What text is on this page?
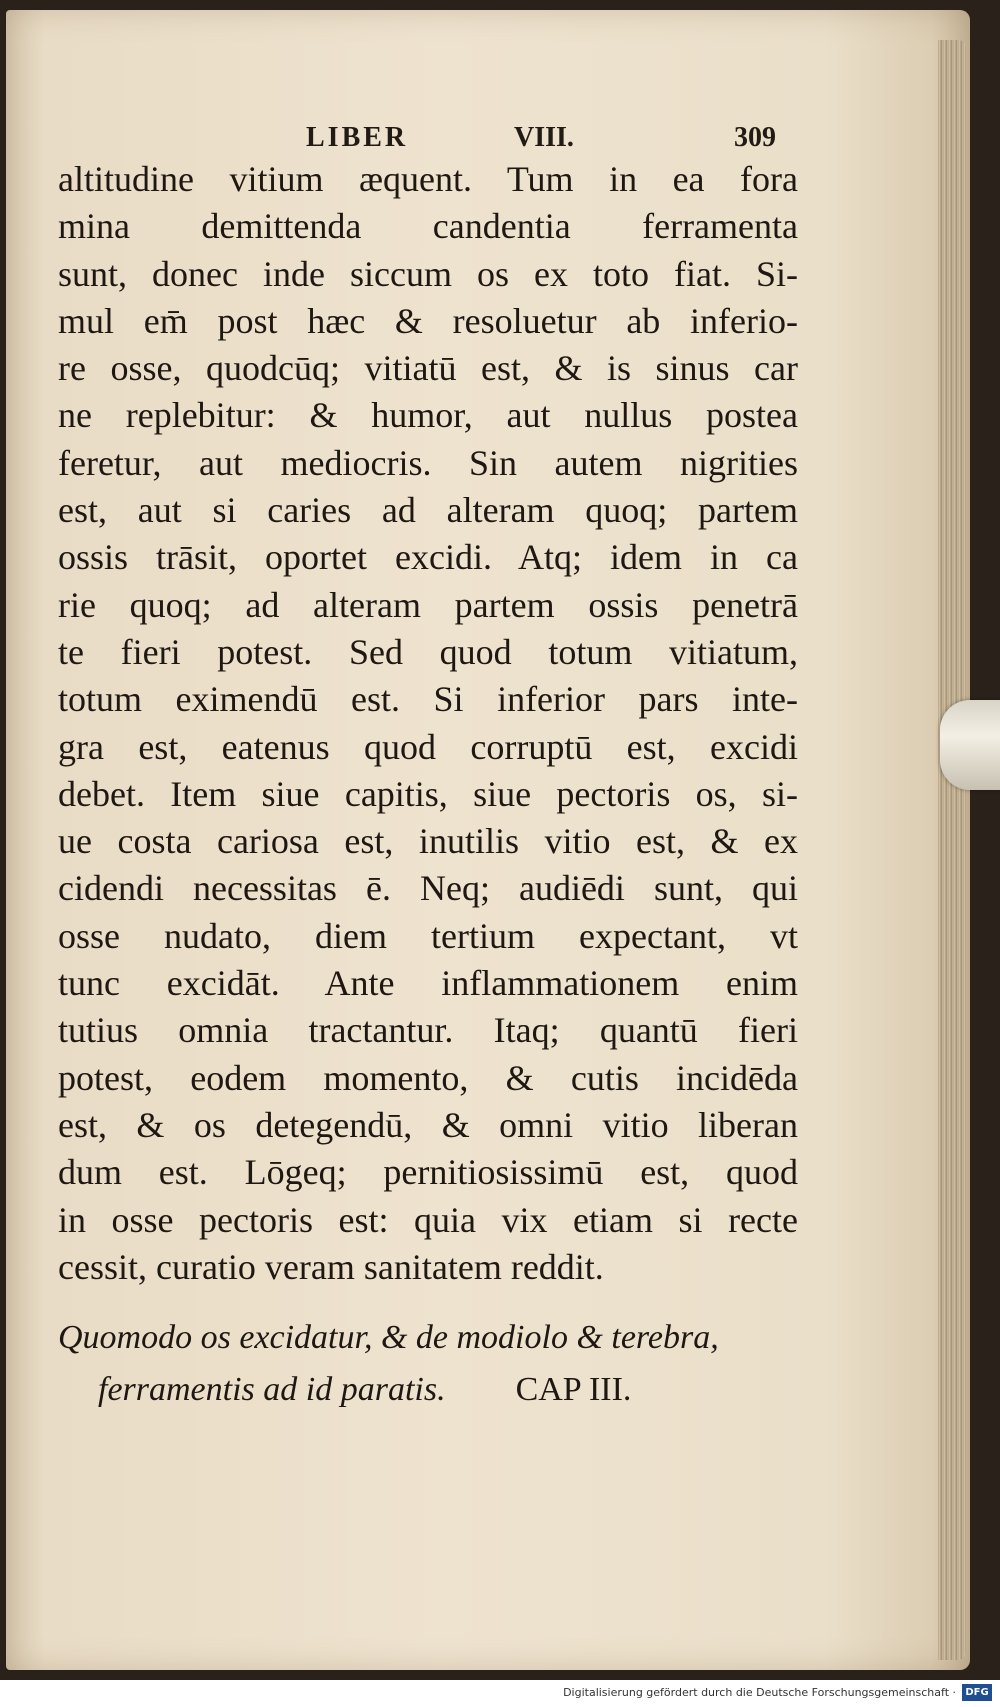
LIBER	VIII.	309
altitudine vitium æquent. Tum in ea fora
mina demittenda candentia ferramenta
sunt, donec inde siccum os ex toto fiat. Si-
mul em̄ post hæc & resoluetur ab inferio-
re osse, quodcūq; vitiatū est, & is sinus car
ne replebitur: & humor, aut nullus postea
feretur, aut mediocris. Sin autem nigrities
est, aut si caries ad alteram quoq; partem
ossis trāsit, oportet excidi. Atq; idem in ca
rie quoq; ad alteram partem ossis penetrā
te fieri potest. Sed quod totum vitiatum,
totum eximendū est. Si inferior pars inte-
gra est, eatenus quod corruptū est, excidi
debet. Item siue capitis, siue pectoris os, si-
ue costa cariosa est, inutilis vitio est, & ex
cidendi necessitas ē. Neq; audiēdi sunt, qui
osse nudato, diem tertium expectant, vt
tunc excidāt. Ante inflammationem enim
tutius omnia tractantur. Itaq; quantū fieri
potest, eodem momento, & cutis incidēda
est, & os detegendū, & omni vitio liberan
dum est. Lōgeq; pernitiosissimū est, quod
in osse pectoris est: quia vix etiam si recte
cessit, curatio veram sanitatem reddit.
Quomodo os excidatur, & de modiolo & terebra,
ferramentis ad id paratis. CAP III.
Digitalisierung gefördert durch die Deutsche Forschungsgemeinschaft · DFG
